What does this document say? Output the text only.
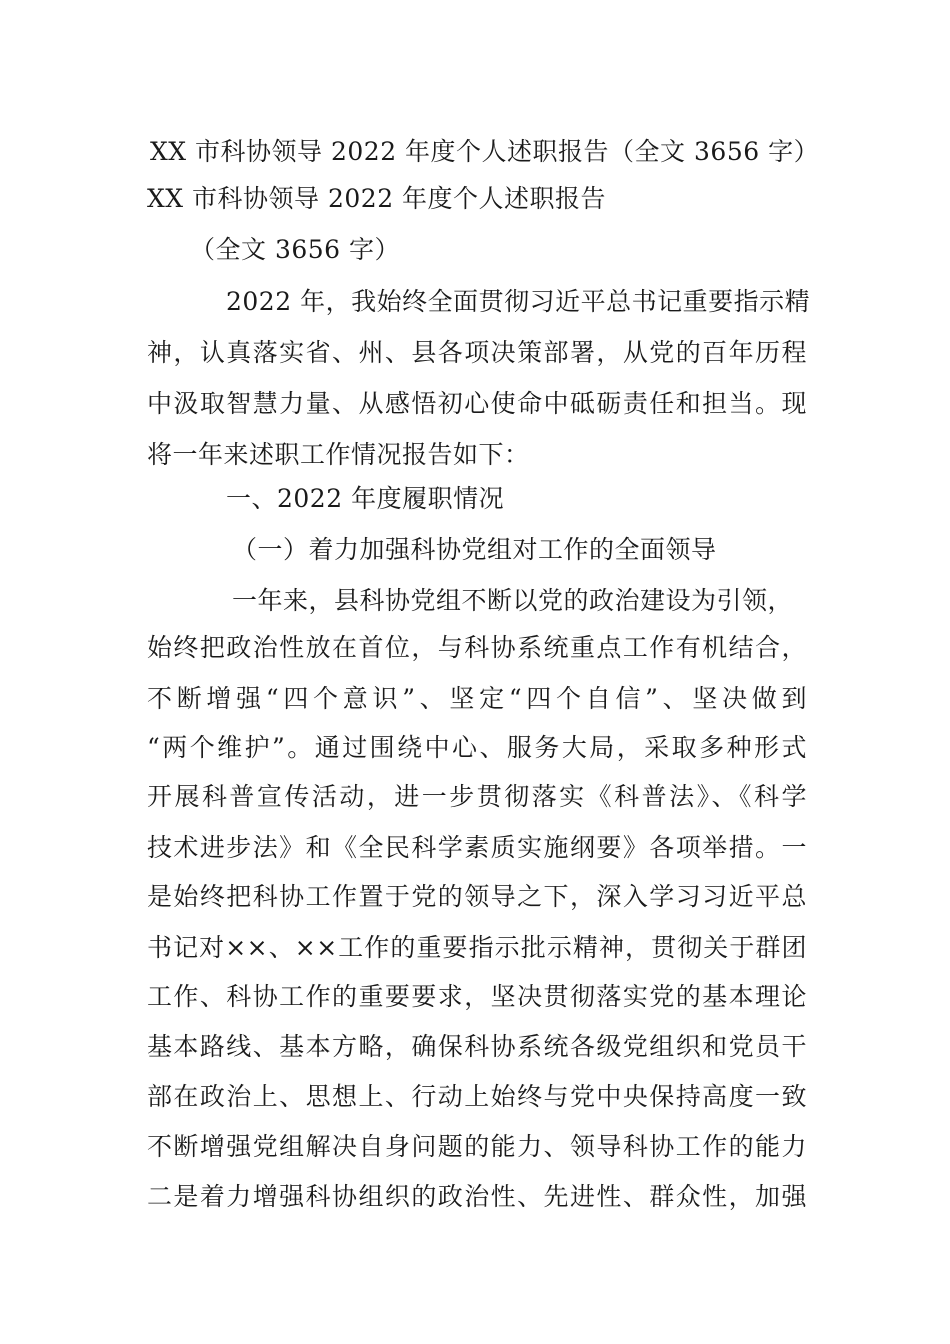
XX 市科协领导 2022 年度个人述职报告（全文 3656 字）
XX 市科协领导 2022 年度个人述职报告
（全文 3656 字）
2022 年，我始终全面贯彻习近平总书记重要指示精
神，认真落实省、州、县各项决策部署，从党的百年历程
中汲取智慧力量、从感悟初心使命中砥砺责任和担当。现
将一年来述职工作情况报告如下：
一、2022 年度履职情况
（一）着力加强科协党组对工作的全面领导
一年来，县科协党组不断以党的政治建设为引领，
始终把政治性放在首位，与科协系统重点工作有机结合，
不断增强“四个意识”、坚定“四个自信”、坚决做到
“两个维护”。通过围绕中心、服务大局，采取多种形式
开展科普宣传活动，进一步贯彻落实《科普法》、《科学
技术进步法》和《全民科学素质实施纲要》各项举措。一
是始终把科协工作置于党的领导之下，深入学习习近平总
书记对××、××工作的重要指示批示精神，贯彻关于群团
工作、科协工作的重要要求，坚决贯彻落实党的基本理论
基本路线、基本方略，确保科协系统各级党组织和党员干
部在政治上、思想上、行动上始终与党中央保持高度一致
不断增强党组解决自身问题的能力、领导科协工作的能力
二是着力增强科协组织的政治性、先进性、群众性，加强
